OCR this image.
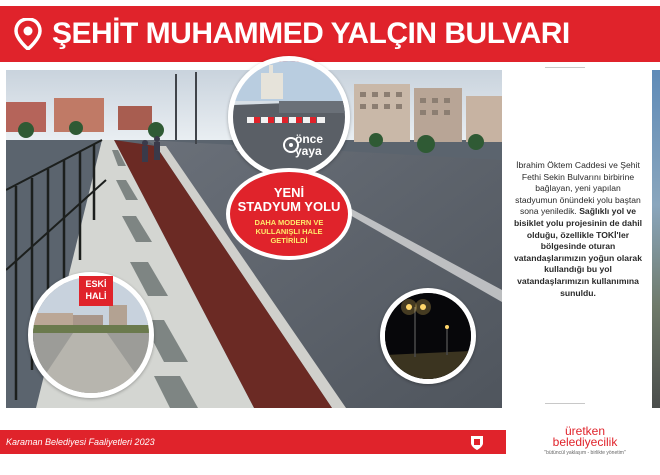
ŞEHİT MUHAMMED YALÇIN BULVARI
önce
yaya
YENİ
STADYUM YOLU
DAHA MODERN VE KULLANIŞLI HALE GETİRİLDİ
ESKİ
HALİ
İbrahim Öktem Caddesi ve Şehit Fethi Sekin Bulvarını birbirine bağlayan, yeni yapılan stadyumun önündeki yolu baştan sona yeniledik. Sağlıklı yol ve bisiklet yolu projesinin de dahil olduğu, özellikle TOKİ'ler bölgesinde oturan vatandaşlarımızın yoğun olarak kullandığı bu yol vatandaşlarımızın kullanımına sunuldu.
üretken
belediyecilik
"bütüncül yaklaşım - birlikte yönetim"
Karaman Belediyesi Faaliyetleri 2023
